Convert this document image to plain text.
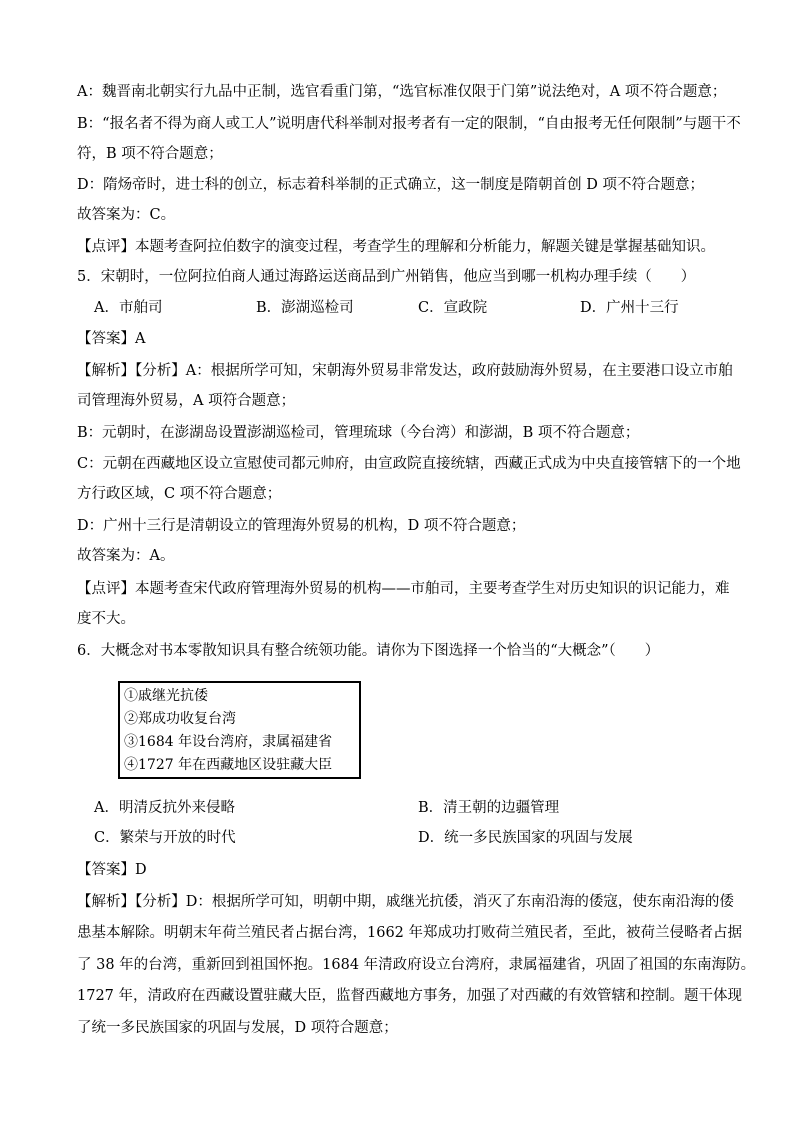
A：魏晋南北朝实行九品中正制，选官看重门第，“选官标准仅限于门第”说法绝对，A 项不符合题意；
B：“报名者不得为商人或工人”说明唐代科举制对报考者有一定的限制，“自由报考无任何限制”与题干不
符，B 项不符合题意；
D：隋炀帝时，进士科的创立，标志着科举制的正式确立，这一制度是隋朝首创 D 项不符合题意；
故答案为：C。
【点评】本题考查阿拉伯数字的演变过程，考查学生的理解和分析能力，解题关键是掌握基础知识。
5．宋朝时，一位阿拉伯商人通过海路运送商品到广州销售，他应当到哪一机构办理手续（　　）
A．市舶司	B．澎湖巡检司	C．宣政院	D．广州十三行
【答案】A
【解析】【分析】A：根据所学可知，宋朝海外贸易非常发达，政府鼓励海外贸易，在主要港口设立市舶
司管理海外贸易，A 项符合题意；
B：元朝时，在澎湖岛设置澎湖巡检司，管理琉球（今台湾）和澎湖，B 项不符合题意；
C：元朝在西藏地区设立宣慰使司都元帅府，由宣政院直接统辖，西藏正式成为中央直接管辖下的一个地
方行政区域，C 项不符合题意；
D：广州十三行是清朝设立的管理海外贸易的机构，D 项不符合题意；
故答案为：A。
【点评】本题考查宋代政府管理海外贸易的机构——市舶司，主要考查学生对历史知识的识记能力，难
度不大。
6．大概念对书本零散知识具有整合统领功能。请你为下图选择一个恰当的“大概念”（　　）
①戚继光抗倭
②郑成功收复台湾
③1684 年设台湾府，隶属福建省
④1727 年在西藏地区设驻藏大臣
A．明清反抗外来侵略	B．清王朝的边疆管理
C．繁荣与开放的时代	D．统一多民族国家的巩固与发展
【答案】D
【解析】【分析】D：根据所学可知，明朝中期，戚继光抗倭，消灭了东南沿海的倭寇，使东南沿海的倭
患基本解除。明朝末年荷兰殖民者占据台湾，1662 年郑成功打败荷兰殖民者，至此，被荷兰侵略者占据
了 38 年的台湾，重新回到祖国怀抱。1684 年清政府设立台湾府，隶属福建省，巩固了祖国的东南海防。
1727 年，清政府在西藏设置驻藏大臣，监督西藏地方事务，加强了对西藏的有效管辖和控制。题干体现
了统一多民族国家的巩固与发展，D 项符合题意；
